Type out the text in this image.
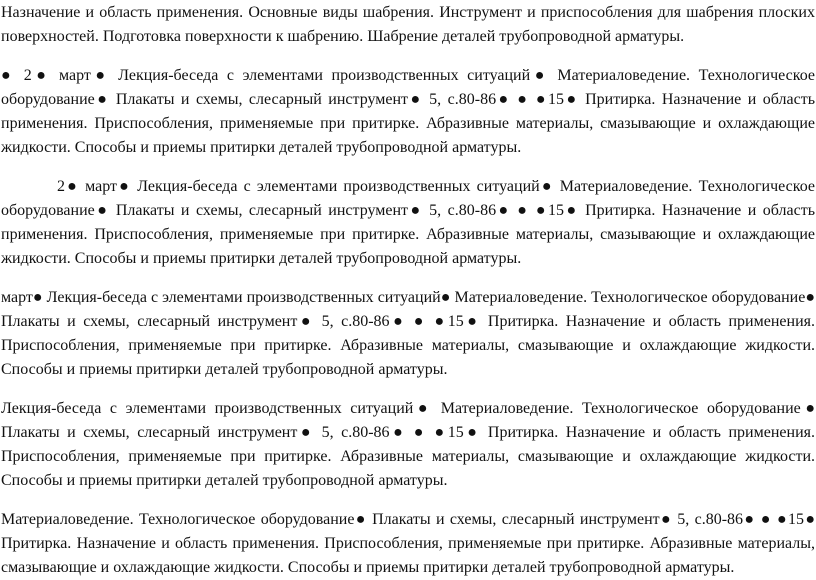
Назначение и область применения. Основные виды шабрения. Инструмент и приспособления для шабрения плоских поверхностей. Подготовка поверхности к шабрению. Шабрение деталей трубопроводной арматуры.

● 2● март● Лекция-беседа с элементами производственных ситуаций● Материаловедение. Технологическое оборудование● Плакаты и схемы, слесарный инструмент● 5, с.80-86● ● ●15● Притирка. Назначение и область применения. Приспособления, применяемые при притирке. Абразивные материалы, смазывающие и охлаждающие жидкости. Способы и приемы притирки деталей трубопроводной арматуры.

2● март● Лекция-беседа с элементами производственных ситуаций● Материаловедение. Технологическое оборудование● Плакаты и схемы, слесарный инструмент● 5, с.80-86● ● ●15● Притирка. Назначение и область применения. Приспособления, применяемые при притирке. Абразивные материалы, смазывающие и охлаждающие жидкости. Способы и приемы притирки деталей трубопроводной арматуры.

март● Лекция-беседа с элементами производственных ситуаций● Материаловедение. Технологическое оборудование● Плакаты и схемы, слесарный инструмент● 5, с.80-86● ● ●15● Притирка. Назначение и область применения. Приспособления, применяемые при притирке. Абразивные материалы, смазывающие и охлаждающие жидкости. Способы и приемы притирки деталей трубопроводной арматуры.

Лекция-беседа с элементами производственных ситуаций● Материаловедение. Технологическое оборудование● Плакаты и схемы, слесарный инструмент● 5, с.80-86● ● ●15● Притирка. Назначение и область применения. Приспособления, применяемые при притирке. Абразивные материалы, смазывающие и охлаждающие жидкости. Способы и приемы притирки деталей трубопроводной арматуры.

Материаловедение. Технологическое оборудование● Плакаты и схемы, слесарный инструмент● 5, с.80-86● ● ●15● Притирка. Назначение и область применения. Приспособления, применяемые при притирке. Абразивные материалы, смазывающие и охлаждающие жидкости. Способы и приемы притирки деталей трубопроводной арматуры.
